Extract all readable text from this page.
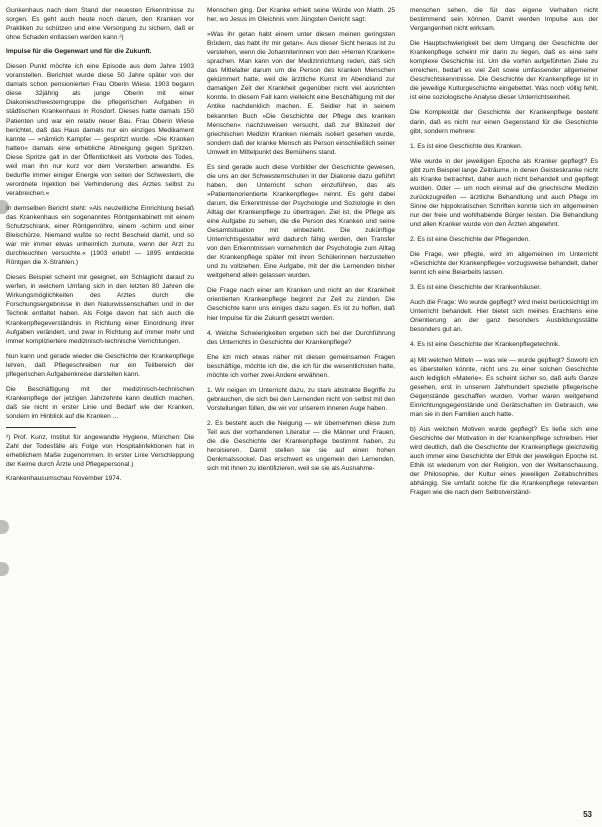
Gunkenhaus nach dem Stand der neuesten Erkenntnisse zu sorgen. Es geht auch heute noch darum, den Kranken vor Praktiken zu schützen und eine Versorgung zu sichern, daß er ohne Schaden entlassen werden kann.²)

Impulse für die Gegenwart und für die Zukunft.

Diesen Punkt möchte ich eine Episode aus dem Jahre 1903 voranstellen. Berichtet wurde diese 50 Jahre später von der damals schon pensionierten Frau Oberin Wiese. 1903 begann diese 32jährig als junge Oberin mit einer Diakonieschwesterngruppe die pflegerischen Aufgaben in städtischen Krankenhaus in Rosdorf. Dieses hatte damals 150 Patienten und war ein relativ neuer Bau. Frau Oberin Wiese berichtet, daß das Haus damals nur ein einziges Medikament kannte — »nämlich Kampfer — gespritzt wurde. »Die Kranken hatten« damals eine erhebliche Abneigung gegen Spritzen. Diese Spritze galt in der Öffentlichkeit als Vorbote des Todes, weil man ihn nur kurz vor dem Versterben anwandte. Es bedurfte immer einiger Energie von seiten der Schwestern, die verordnete Injektion bei Verhinderung des Arztes selbst zu verabreichen.«

In demselben Bericht steht: »Als neuzeitliche Einrichtung besaß das Krankenhaus ein sogenanntes Röntgenkabinett mit einem Schutzschrank, einer Röntgenröhre, einem -schirm und einer Bleischürze. Niemand wußte so recht Bescheid damit, und so war mir immer etwas unheimlich zumute, wenn der Arzt zu durchleuchten versuchte.« (1903 erlebt! — 1895 entdeckte Röntgen die X-Strahlen.)

Dieses Beispiel scheint mir geeignet, ein Schlaglicht darauf zu werfen, in welchem Umfang sich in den letzten 80 Jahren die Wirkungsmöglichkeiten des Arztes durch die Forschungsergebnisse in den Naturwissenschaften und in der Technik entfaltet haben. Als Folge davon hat sich auch die Krankenpflegeverständnis in Richtung einer Einordnung ihrer Aufgaben verändert, und zwar in Richtung auf immer mehr und immer kompliziertere medizinisch-technische Verrichtungen.

Nun kann und gerade wieder die Geschichte der Krankenpflege lehren, daß Pflegeschreiben nur ein Teilbereich der pflegerischen Aufgabenkreise darstellen kann.

Die Beschäftigung mit der medizinisch-technischen Krankenpflege der jetzigen Jahrzehnte kann deutlich machen, daß sie nicht in erster Linie und Bedarf wie der Kranken, sondern im Hinblick auf die Kranken ...

²) Prof. Kunz, Institut für angewandte Hygiene, München: Die Zahl der Todesfälle als Folge von Hospitalinfektionen hat in erheblichem Maße zugenommen. In erster Linie Verschleppung der Keime durch Ärzte und Pflegepersonal.)

Krankenhausumschau November 1974.

Menschen ging. Der Kranke erhielt seine Würde von Matth. 25 her, wo Jesus im Gleichnis vom Jüngsten Gericht sagt:

»Was ihr getan habt einem unter diesen meinen geringsten Brüdern, das habt ihr mir getan«. Aus dieser Sicht heraus ist zu verstehen, wenn die Johanniterinnen von den »Herren Kranken« sprachen. Man kann von der Medizinrichtung reden, daß sich das Mittelalter darum um die Person des kranken Menschen gekümmert hatte, weil die ärztliche Kunst im Abendland zur damaligen Zeit der Krankheit gegenüber nicht viel ausrichten konnte. In diesem Fall kann vielleicht eine Beschäftigung mit der Antike nachdenklich machen. E. Seidler hat in seinem bekannten Buch »Die Geschichte der Pflege des kranken Menschen« nachzuweisen versucht, daß zur Blütezeit der griechischen Medizin Kranken niemals isoliert gesehen wurde, sondern daß der kranke Mensch als Person einschließlich seiner Umwelt im Mittelpunkt des Bemühens stand.

Es sind gerade auch diese Vorbilder der Geschichte gewesen, die uns an der Schwesternschulen in der Diakonie dazu geführt haben, den Unterricht schon einzuführen, das als »Patientenorientierte Krankenpflege« nennt. Es geht dabei darum, die Erkenntnisse der Psychologie und Soziologie in den Alltag der Krankenpflege zu übertragen. Ziel ist, die Pflege als eine Aufgabe zu sehen, die die Person des Kranken und seine Gesamtsituation mit einbezieht. Die zukünftige Unterrichtsgestalter wird dadurch fähig werden, den Transfer von den Erkenntnissen vornehmlich der Psychologie zum Alltag der Krankenpflege später mit ihren Schülerinnen herzustellen und zu vollziehen. Eine Aufgabe, mit der die Lernenden bisher weitgehend allein gelassen wurden.

Die Frage nach einer am Kranken und nicht an der Krankheit orientierten Krankenpflege beginnt zur Zeit zu zünden. Die Geschichte kann uns einiges dazu sagen. Es ist zu hoffen, daß hier Impulse für die Zukunft gesetzt werden.

4. Welche Schwierigkeiten ergeben sich bei der Durchführung des Unterrichts in Geschichte der Krankenpflege?

Ehe ich mich etwas näher mit diesen gemeinsamen Fragen beschäftige, möchte ich die, die ich für die wesentlichsten halte, möchte ich vorher zwei Andere erwähnen.

1. Wir neigen im Unterricht dazu, zu stark abstrakte Begriffe zu gebrauchen, die sich bei den Lernenden nicht von selbst mit den Vorstellungen füllen, die wir vor unserem inneren Auge haben.

2. Es besteht auch die Neigung — wir übernehmen diese zum Teil aus der vorhandenen Literatur — die Männer und Frauen, die die Geschichte der Krankenpflege bestimmt haben, zu heroisieren. Damit stellen sie sie auf einen hohen Denkmalssockel. Das erschwert es ungemein den Lernenden, sich mit ihnen zu identifizieren, weil sie sie als Ausnahme-

menschen sehen, die für das eigene Verhalten nicht bestimmend sein können. Damit werden Impulse aus der Vergangenheit nicht wirksam.

Die Hauptschwierigkeit bei dem Umgang der Geschichte der Krankenpflege scheint mir darin zu liegen, daß es eine sehr komplexe Geschichte ist. Um die vorhin aufgeführten Ziele zu erreichen, bedarf es viel Zeit sowie umfassender allgemeiner Geschichtskenntnisse. Die Geschichte der Krankenpflege ist in die jeweilige Kulturgeschichte eingebettet. Was noch völlig fehlt, ist eine soziologische Analyse dieser Unterrichtseinheit.

Die Komplexität der Geschichte der Krankenpflege besteht darin, daß es nicht nur einen Gegenstand für die Geschichte gibt, sondern mehrere:

1. Es ist eine Geschichte des Kranken.

Wie wurde in der jeweiligen Epoche als Kranker gepflegt? Es gibt zum Beispiel lange Zeiträume, in denen Geisteskranke nicht als Kranke betrachtet, daher auch nicht behandelt und gepflegt wurden. Oder — um noch einmal auf die griechische Medizin zurückzugreifen — ärztliche Behandlung und auch Pflege im Sinne der hippokratischen Schriften konnte sich im allgemeinen nur der freie und wohlhabende Bürger leisten. Die Behandlung und allen Kranker wurde von den Ärzten abgelehnt.

2. Es ist eine Geschichte der Pflegenden.

Die Frage, wer pflegte, wird im allgemeinen im Unterricht »Geschichte der Krankenpflege« vorzugsweise behandelt, daher kennt ich eine Beiarbeits lassen.

3. Es ist eine Geschichte der Krankenhäuser.

Auch die Frage: Wo wurde gepflegt? wird meist berücksichtigt im Unterricht behandelt. Hier bietet sich meines Erachtens eine Orientierung an der ganz besonders Ausbildungsstätte besonders gut an.

4. Es ist eine Geschichte der Krankenpflegetechnik.

a) Mit welchen Mitteln — was wie — wurde gepflegt? Sowohl ich es überstellen könnte, nicht uns zu einer solchen Geschichte auch lediglich »Materie«. Es scheint sicher so, daß aufs Ganze gesehen, erst in unserem Jahrhundert spezielle pflegerische Gegenstände geschaffen wurden. Vorher waren weitgehend Einrichtungsgegenstände und Gerätschaften im Gebrauch, wie man sie in den Familien auch hatte.

b) Aus welchen Motiven wurde gepflegt? Es ließe sich eine Geschichte der Motivation in der Krankenpflege schreiben. Hier wird deutlich, daß die Geschichte der Krankenpflege gleichzeitig auch immer eine Geschichte der Ethik der jeweiligen Epoche ist. Ethik ist wiederum von der Religion, von der Weltanschauung, der Philosophie, der Kultur eines jeweiligen Zeitabschnittes abhängig. Sie umfaßt solche für die Krankenpflege relevanten Fragen wie die nach dem Selbstverständ-

53
